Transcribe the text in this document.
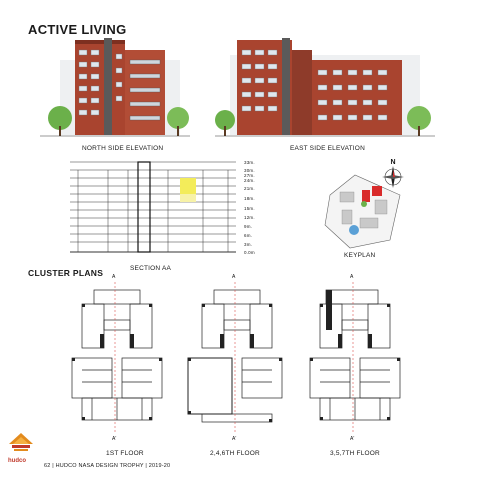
ACTIVE LIVING
NORTH SIDE ELEVATION	EAST SIDE ELEVATION
33m.
30m.
27m.
24m.
21m.
18m.
15m.
12m.
9m.
6m.
3m.
0.0m
SECTION AA
N
KEYPLAN
CLUSTER PLANS A
A'
1ST FLOOR
A
A'
2,4,6TH FLOOR
A
A'
3,5,7TH FLOOR
hudco
62 | HUDCO NASA DESIGN TROPHY | 2019-20
